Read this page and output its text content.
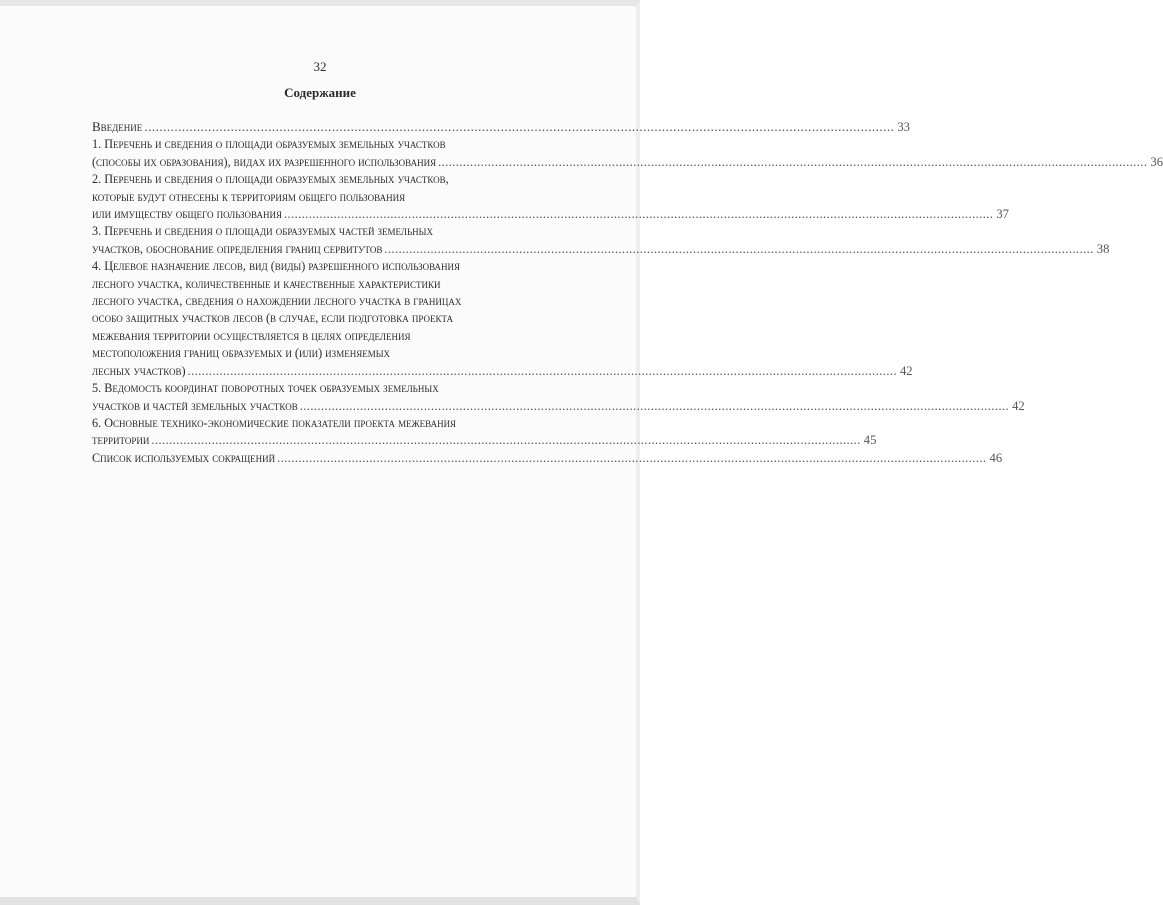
32
Содержание
Введение ........................................................................................................................................................................................................ 33
1. Перечень и сведения о площади образуемых земельных участков
(способы их образования), видах их разрешенного использования ........................................................................................................................................................................................................ 36
2. Перечень и сведения о площади образуемых земельных участков,
которые будут отнесены к территориям общего пользования
или имуществу общего пользования ........................................................................................................................................................................................................ 37
3. Перечень и сведения о площади образуемых частей земельных
участков, обоснование определения границ сервитутов ........................................................................................................................................................................................................ 38
4. Целевое назначение лесов, вид (виды) разрешенного использования
лесного участка, количественные и качественные характеристики
лесного участка, сведения о нахождении лесного участка в границах
особо защитных участков лесов (в случае, если подготовка проекта
межевания территории осуществляется в целях определения
местоположения границ образуемых и (или) изменяемых
лесных участков) ........................................................................................................................................................................................................ 42
5. Ведомость координат поворотных точек образуемых земельных
участков и частей земельных участков ........................................................................................................................................................................................................ 42
6. Основные технико-экономические показатели проекта межевания
территории ........................................................................................................................................................................................................ 45
Список используемых сокращений ........................................................................................................................................................................................................ 46
